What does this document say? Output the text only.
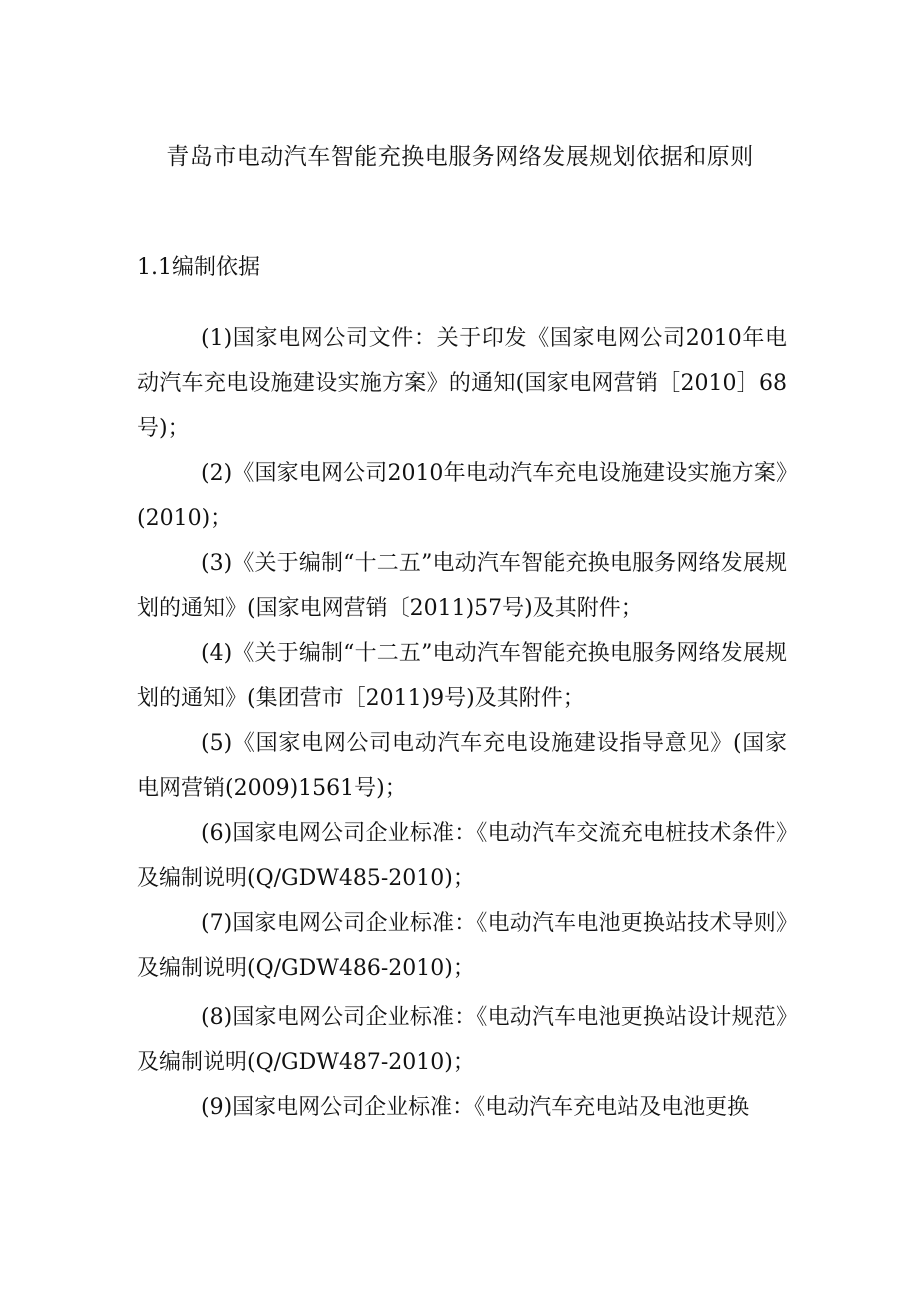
青岛市电动汽车智能充换电服务网络发展规划依据和原则
1.1编制依据

(1)国家电网公司文件：关于印发《国家电网公司2010年电动汽车充电设施建设实施方案》的通知(国家电网营销［2010］68号)；

(2)《国家电网公司2010年电动汽车充电设施建设实施方案》(2010)；

(3)《关于编制“十二五”电动汽车智能充换电服务网络发展规划的通知》(国家电网营销〔2011)57号)及其附件；

(4)《关于编制“十二五”电动汽车智能充换电服务网络发展规划的通知》(集团营市［2011)9号)及其附件；

(5)《国家电网公司电动汽车充电设施建设指导意见》(国家电网营销(2009)1561号)；

(6)国家电网公司企业标准：《电动汽车交流充电桩技术条件》及编制说明(Q/GDW485-2010)；

(7)国家电网公司企业标准：《电动汽车电池更换站技术导则》及编制说明(Q/GDW486-2010)；

(8)国家电网公司企业标准：《电动汽车电池更换站设计规范》及编制说明(Q/GDW487-2010)；

(9)国家电网公司企业标准：《电动汽车充电站及电池更换
